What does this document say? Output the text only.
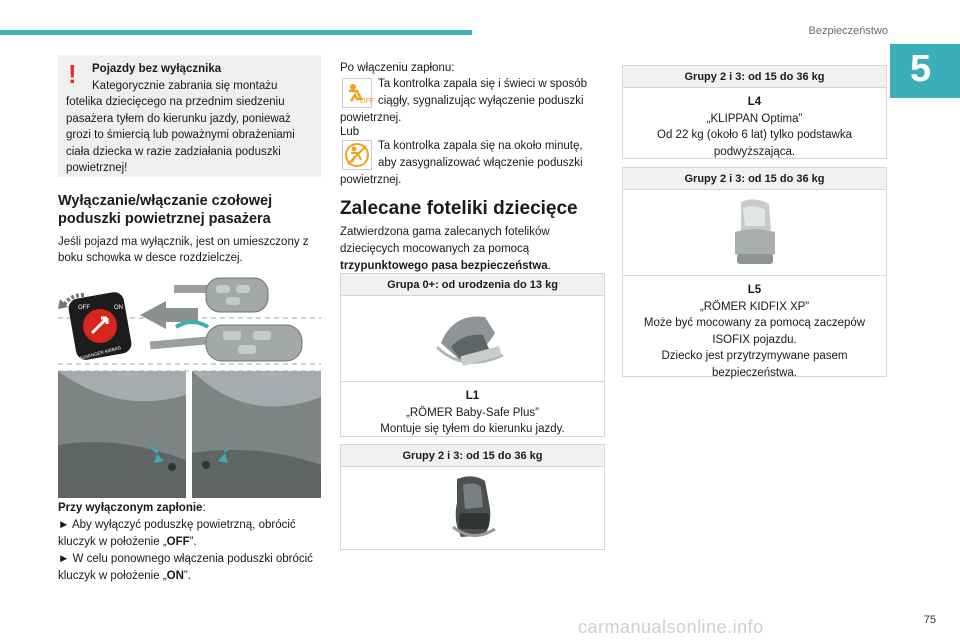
Bezpieczeństwo
5
! Pojazdy bez wyłącznika
Kategorycznie zabrania się montażu
fotelika dziecięcego na przednim siedzeniu pasażera tyłem do kierunku jazdy, ponieważ grozi to śmiercią lub poważnymi obrażeniami ciała dziecka w razie zadziałania poduszki powietrznej!
Wyłączanie/włączanie czołowej poduszki powietrznej pasażera
Jeśli pojazd ma wyłącznik, jest on umieszczony z boku schowka w desce rozdzielczej.
OFF	ON
PASSENGER AIRBAG
Przy wyłączonym zapłonie:
► Aby wyłączyć poduszkę powietrzną, obrócić kluczyk w położenie „OFF”.
► W celu ponownego włączenia poduszki obrócić kluczyk w położenie „ON”.
Po włączeniu zapłonu:
OFF
Ta kontrolka zapala się i świeci w sposób
ciągły, sygnalizując wyłączenie poduszki
powietrznej.
Lub
Ta kontrolka zapala się na około minutę,
aby zasygnalizować włączenie poduszki
powietrznej.
Zalecane foteliki dziecięce
Zatwierdzona gama zalecanych fotelików dziecięcych mocowanych za pomocą trzypunktowego pasa bezpieczeństwa.
Grupa 0+: od urodzenia do 13 kg
L1
„RÖMER Baby-Safe Plus”
Montuje się tyłem do kierunku jazdy.
Grupy 2 i 3: od 15 do 36 kg
Grupy 2 i 3: od 15 do 36 kg
L4
„KLIPPAN Optima”
Od 22 kg (około 6 lat) tylko podstawka podwyższająca.
Grupy 2 i 3: od 15 do 36 kg
L5
„RÖMER KIDFIX XP”
Może być mocowany za pomocą zaczepów ISOFIX pojazdu.
Dziecko jest przytrzymywane pasem bezpieczeństwa.
75
carmanualsonline.info
